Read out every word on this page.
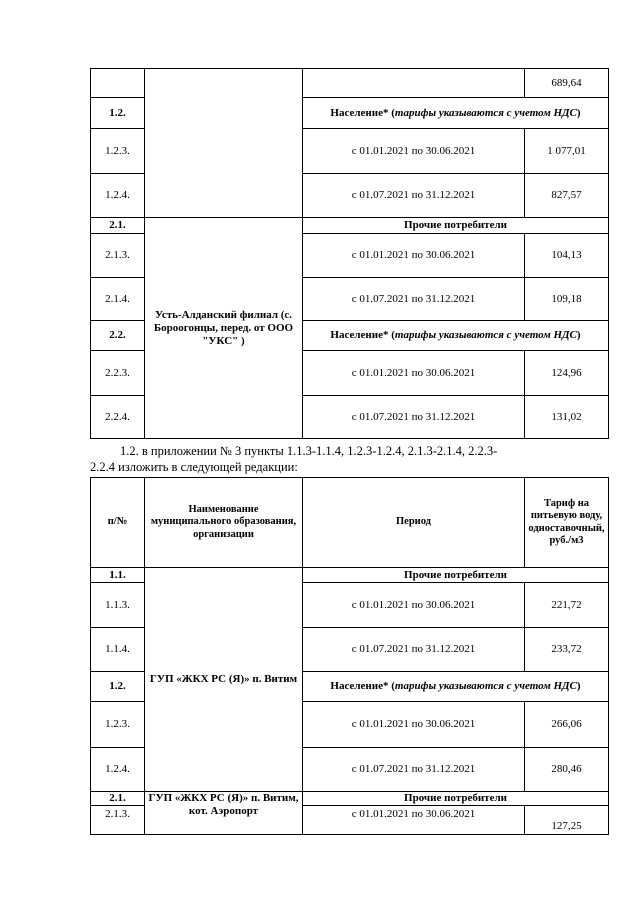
			689,64
1.2.		Население* (тарифы указываются с учетом НДС)	
1.2.3.		с 01.01.2021 по 30.06.2021	1 077,01
1.2.4.		с 01.07.2021 по 31.12.2021	827,57
2.1.	Усть-Алданский филиал (с. Бороогонцы, перед. от ООО "УКС" )	Прочие потребители	
2.1.3.		с 01.01.2021 по 30.06.2021	104,13
2.1.4.		с 01.07.2021 по 31.12.2021	109,18
2.2.		Население* (тарифы указываются с учетом НДС)	
2.2.3.		с 01.01.2021 по 30.06.2021	124,96
2.2.4.		с 01.07.2021 по 31.12.2021	131,02
1.2. в приложении № 3 пункты 1.1.3-1.1.4, 1.2.3-1.2.4, 2.1.3-2.1.4, 2.2.3-
2.2.4 изложить в следующей редакции:
п/№	Наименование муниципального образования, организации	Период	Тариф на питьевую воду, одноставочный, руб./м3
1.1.	ГУП «ЖКХ РС (Я)» п. Витим	Прочие потребители	
1.1.3.		с 01.01.2021 по 30.06.2021	221,72
1.1.4.		с 01.07.2021 по 31.12.2021	233,72
1.2.		Население* (тарифы указываются с учетом НДС)	
1.2.3.		с 01.01.2021 по 30.06.2021	266,06
1.2.4.		с 01.07.2021 по 31.12.2021	280,46
2.1.	ГУП «ЖКХ РС (Я)» п. Витим, кот. Аэропорт	Прочие потребители	
2.1.3.		с 01.01.2021 по 30.06.2021	127,25
